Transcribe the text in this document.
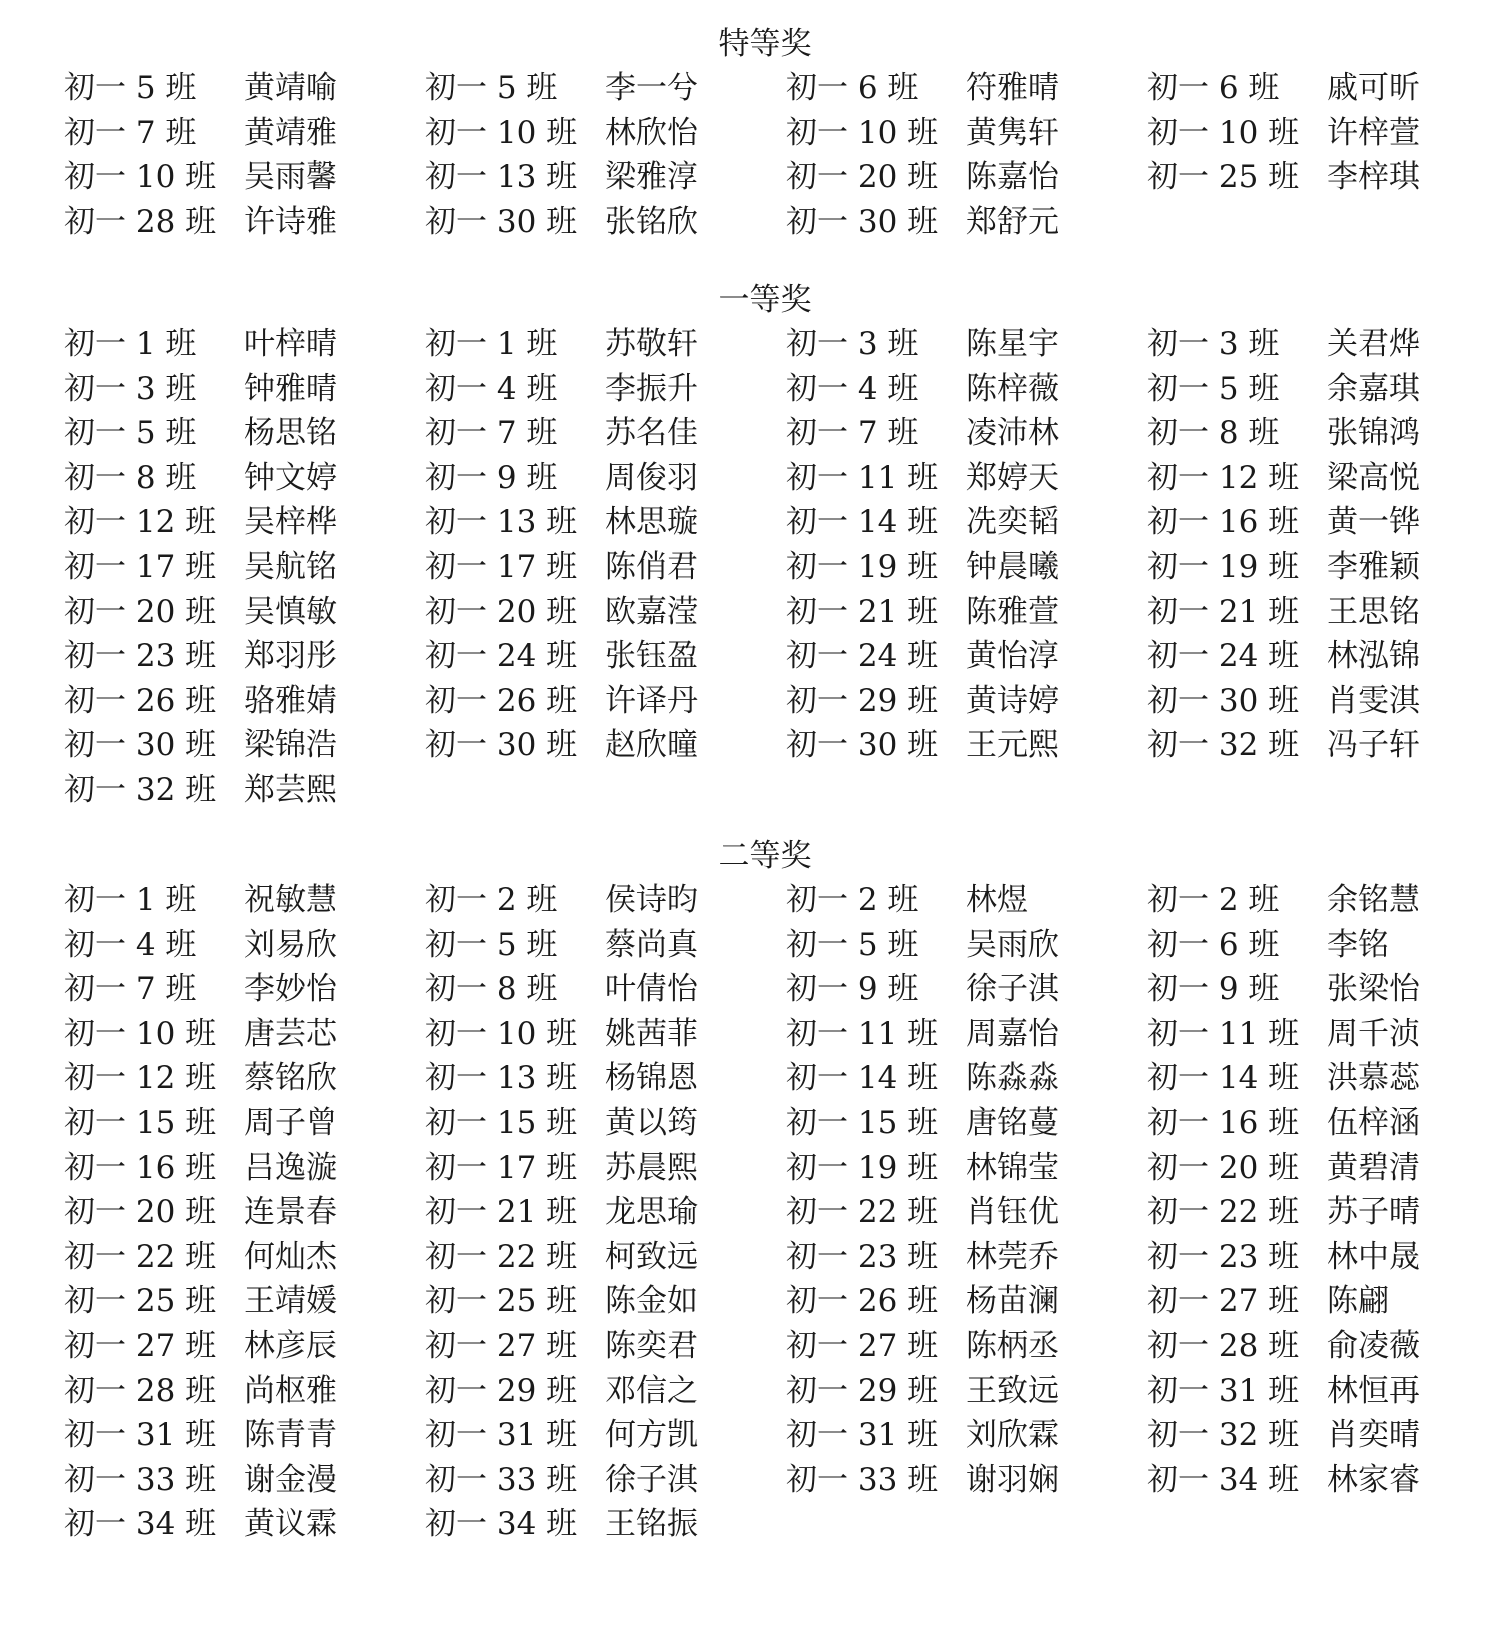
特等奖
初一 5 班 黄靖喻	初一 5 班 李一兮	初一 6 班 符雅晴	初一 6 班 戚可昕
初一 7 班 黄靖雅	初一 10 班 林欣怡	初一 10 班 黄隽轩	初一 10 班 许梓萱
初一 10 班 吴雨馨	初一 13 班 梁雅淳	初一 20 班 陈嘉怡	初一 25 班 李梓琪
初一 28 班 许诗雅	初一 30 班 张铭欣	初一 30 班 郑舒元
一等奖
初一 1 班 叶梓晴	初一 1 班 苏敬轩	初一 3 班 陈星宇	初一 3 班 关君烨
初一 3 班 钟雅晴	初一 4 班 李振升	初一 4 班 陈梓薇	初一 5 班 余嘉琪
初一 5 班 杨思铭	初一 7 班 苏名佳	初一 7 班 凌沛林	初一 8 班 张锦鸿
初一 8 班 钟文婷	初一 9 班 周俊羽	初一 11 班 郑婷天	初一 12 班 梁高悦
初一 12 班 吴梓桦	初一 13 班 林思璇	初一 14 班 冼奕韬	初一 16 班 黄一铧
初一 17 班 吴航铭	初一 17 班 陈俏君	初一 19 班 钟晨曦	初一 19 班 李雅颖
初一 20 班 吴慎敏	初一 20 班 欧嘉滢	初一 21 班 陈雅萱	初一 21 班 王思铭
初一 23 班 郑羽彤	初一 24 班 张钰盈	初一 24 班 黄怡淳	初一 24 班 林泓锦
初一 26 班 骆雅婧	初一 26 班 许译丹	初一 29 班 黄诗婷	初一 30 班 肖雯淇
初一 30 班 梁锦浩	初一 30 班 赵欣曈	初一 30 班 王元熙	初一 32 班 冯子轩
初一 32 班 郑芸熙
二等奖
初一 1 班 祝敏慧	初一 2 班 侯诗昀	初一 2 班 林煜	初一 2 班 余铭慧
初一 4 班 刘易欣	初一 5 班 蔡尚真	初一 5 班 吴雨欣	初一 6 班 李铭
初一 7 班 李妙怡	初一 8 班 叶倩怡	初一 9 班 徐子淇	初一 9 班 张梁怡
初一 10 班 唐芸芯	初一 10 班 姚茜菲	初一 11 班 周嘉怡	初一 11 班 周千浈
初一 12 班 蔡铭欣	初一 13 班 杨锦恩	初一 14 班 陈淼淼	初一 14 班 洪慕蕊
初一 15 班 周子曾	初一 15 班 黄以筠	初一 15 班 唐铭蔓	初一 16 班 伍梓涵
初一 16 班 吕逸漩	初一 17 班 苏晨熙	初一 19 班 林锦莹	初一 20 班 黄碧清
初一 20 班 连景春	初一 21 班 龙思瑜	初一 22 班 肖钰优	初一 22 班 苏子晴
初一 22 班 何灿杰	初一 22 班 柯致远	初一 23 班 林莞乔	初一 23 班 林中晟
初一 25 班 王靖媛	初一 25 班 陈金如	初一 26 班 杨苗澜	初一 27 班 陈翩
初一 27 班 林彦辰	初一 27 班 陈奕君	初一 27 班 陈柄丞	初一 28 班 俞凌薇
初一 28 班 尚枢雅	初一 29 班 邓信之	初一 29 班 王致远	初一 31 班 林恒再
初一 31 班 陈青青	初一 31 班 何方凯	初一 31 班 刘欣霖	初一 32 班 肖奕晴
初一 33 班 谢金漫	初一 33 班 徐子淇	初一 33 班 谢羽娴	初一 34 班 林家睿
初一 34 班 黄议霖	初一 34 班 王铭振
